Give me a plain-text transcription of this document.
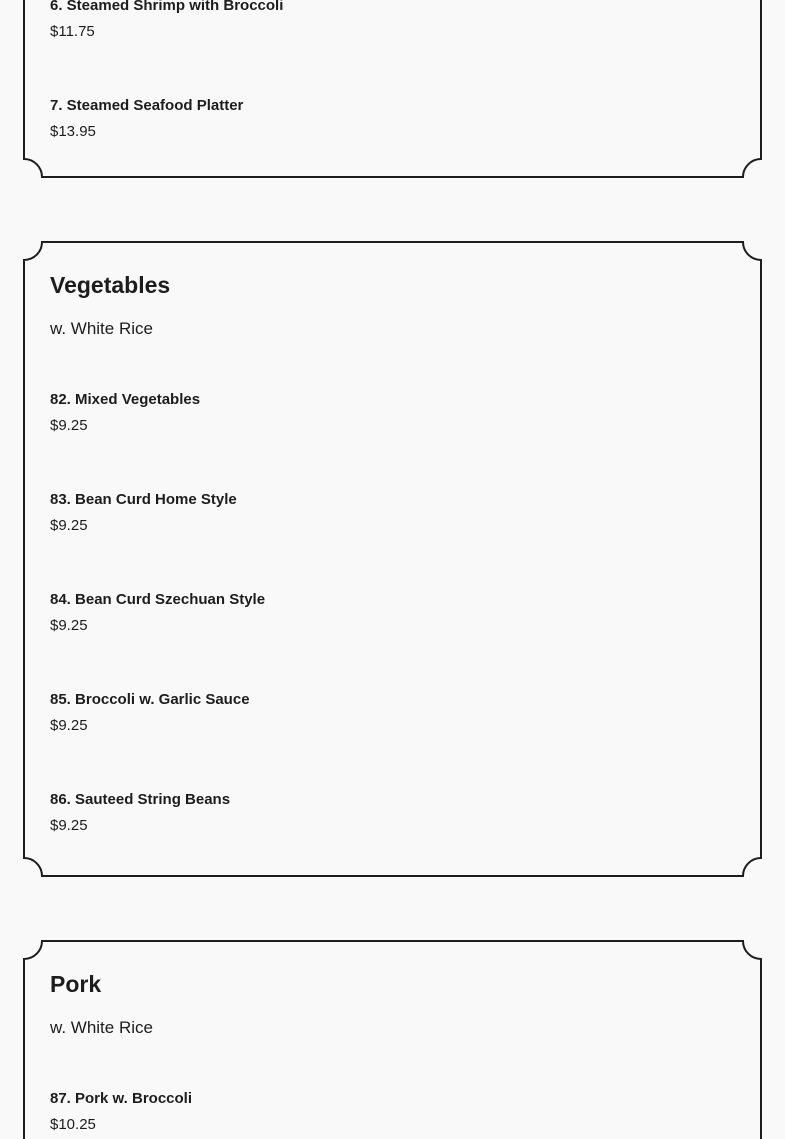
6. Steamed Shrimp with Broccoli
$11.75
7. Steamed Seafood Platter
$13.95
Vegetables
w. White Rice
82. Mixed Vegetables
$9.25
83. Bean Curd Home Style
$9.25
84. Bean Curd Szechuan Style
$9.25
85. Broccoli w. Garlic Sauce
$9.25
86. Sauteed String Beans
$9.25
Pork
w. White Rice
87. Pork w. Broccoli
$10.25
